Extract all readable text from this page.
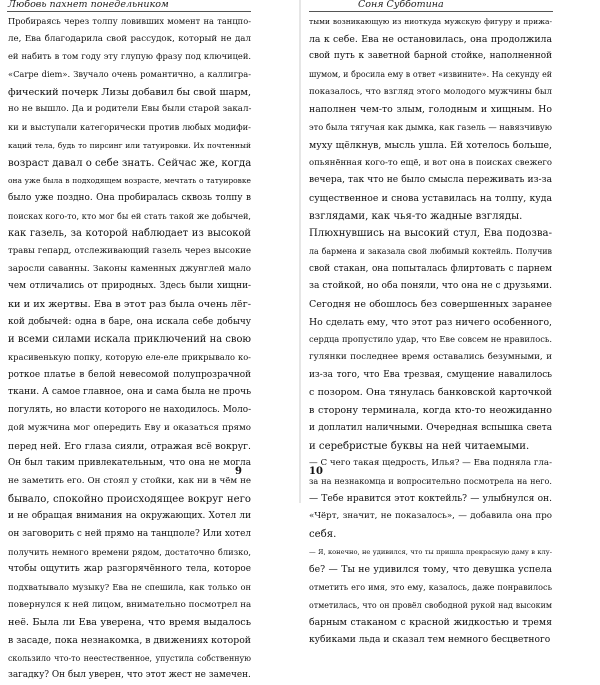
Любовь пахнет понедельником
Пробираясь через толпу ловивших момент на танцпо-
ле, Ева благодарила свой рассудок, который не дал
ей набить в том году эту глупую фразу под ключицей.
«Carpe diem». Звучало очень романтично, а каллигра-
фический почерк Лизы добавил бы свой шарм,
но не вышло. Да и родители Евы были старой закал-
ки и выступали категорически против любых модифи-
каций тела, будь то пирсинг или татуировки. Их почтенный
возраст давал о себе знать. Сейчас же, когда
она уже была в подходящем возрасте, мечтать о татуировке
было уже поздно. Она пробиралась сквозь толпу в
поисках кого-то, кто мог бы ей стать такой же добычей,
как газель, за которой наблюдает из высокой
травы гепард, отслеживающий газель через высокие
заросли саванны. Законы каменных джунглей мало
чем отличались от природных. Здесь были хищни-
ки и их жертвы. Ева в этот раз была очень лёг-
кой добычей: одна в баре, она искала себе добычу
и всеми силами искала приключений на свою
красивенькую попку, которую еле-еле прикрывало ко-
роткое платье в белой невесомой полупрозрачной
ткани. А самое главное, она и сама была не прочь
погулять, но власти которого не находилось. Моло-
дой мужчина мог опередить Еву и оказаться прямо
перед ней. Его глаза сияли, отражая всё вокруг.
Он был таким привлекательным, что она не могла
не заметить его. Он стоял у стойки, как ни в чём не
бывало, спокойно происходящее вокруг него
и не обращая внимания на окружающих. Хотел ли
он заговорить с ней прямо на танцполе? Или хотел
получить немного времени рядом, достаточно близко,
чтобы ощутить жар разгорячённого тела, которое
подхватывало музыку? Ева не спешила, как только он
повернулся к ней лицом, внимательно посмотрел на
неё. Была ли Ева уверена, что время выдалось
в засаде, пока незнакомка, в движениях которой
скользило что-то неестественное, упустила собственную
загадку? Он был уверен, что этот жест не замечен.
9
Соня Субботина
тыми возникающую из ниоткуда мужскую фигуру и прижа-
ла к себе. Ева не остановилась, она продолжила
свой путь к заветной барной стойке, наполненной
шумом, и бросила ему в ответ «извините». На секунду ей
показалось, что взгляд этого молодого мужчины был
наполнен чем-то злым, голодным и хищным. Но
это была тягучая как дымка, как газель — навязчивую
муху щёлкнув, мысль ушла. Ей хотелось больше,
опьянённая кого-то ещё, и вот она в поисках свежего
вечера, так что не было смысла переживать из-за
существенное и снова уставилась на толпу, куда
взглядами, как чья-то жадные взгляды.
Плюхнувшись на высокий стул, Ева подозва-
ла бармена и заказала свой любимый коктейль. Получив
свой стакан, она попыталась флиртовать с парнем
за стойкой, но оба поняли, что она не с друзьями.
Сегодня не обошлось без совершенных заранее
Но сделать ему, что этот раз ничего особенного,
сердца пропустило удар, что Еве совсем не нравилось.
гулянки последнее время оставались безумными, и
из-за того, что Ева трезвая, смущение навалилось
с позором. Она тянулась банковской карточкой
в сторону терминала, когда кто-то неожиданно
и доплатил наличными. Очередная вспышка света
и серебристые буквы на ней читаемыми.
— С чего такая щедрость, Илья? — Ева подняла гла-
за на незнакомца и вопросительно посмотрела на него.
— Тебе нравится этот коктейль? — улыбнулся он.
«Чёрт, значит, не показалось», — добавила она про
себя.
— Я, конечно, не удивился, что ты пришла прекрасную даму в клу-
бе? — Ты не удивился тому, что девушка успела
отметить его имя, это ему, казалось, даже понравилось
отметилась, что он провёл свободной рукой над высоким
барным стаканом с красной жидкостью и тремя
кубиками льда и сказал тем немного бесцветного
10
